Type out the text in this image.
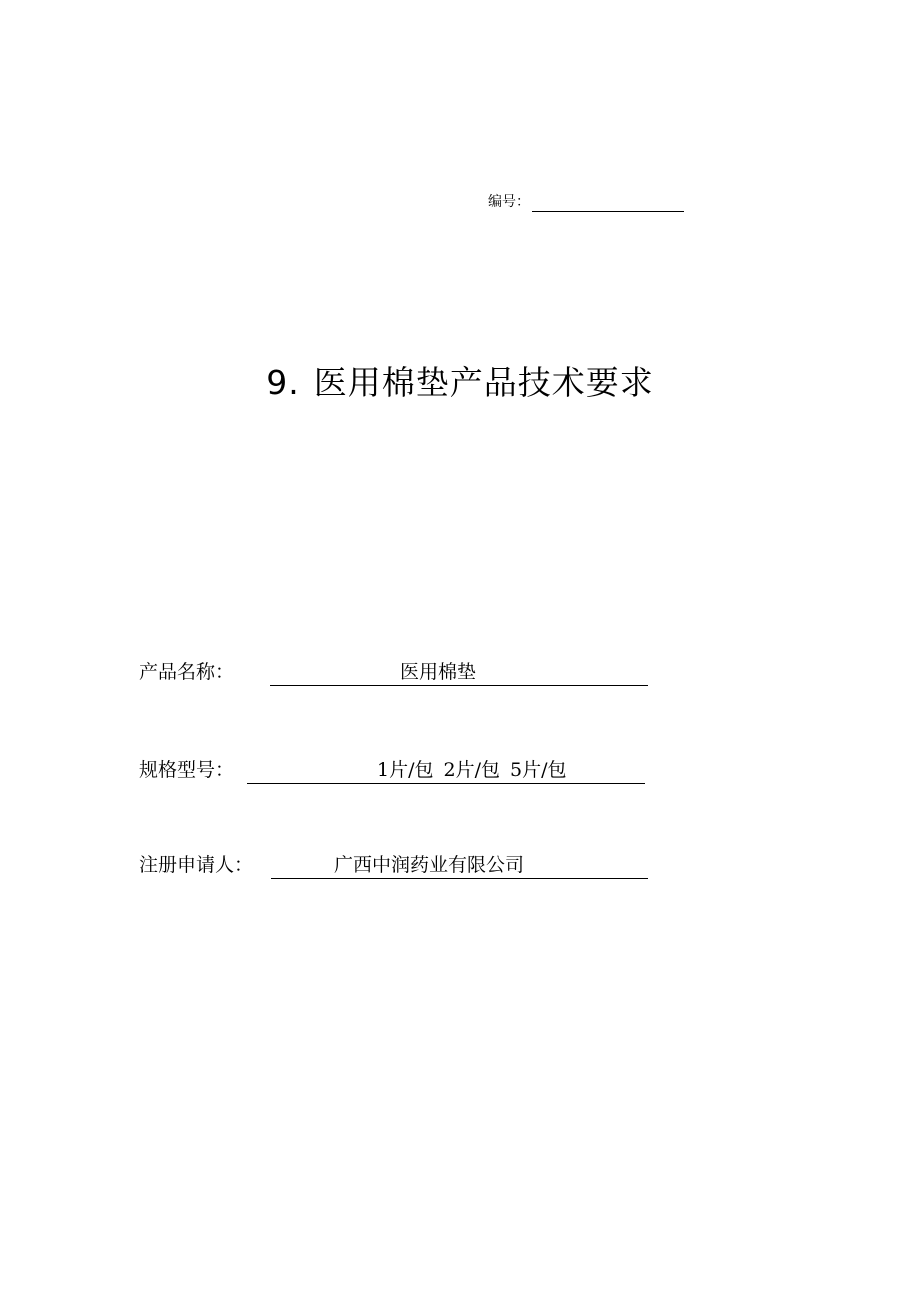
编号：
9. 医用棉垫产品技术要求
产品名称：	医用棉垫
规格型号：	1片/包 2片/包 5片/包
注册申请人：	广西中润药业有限公司
